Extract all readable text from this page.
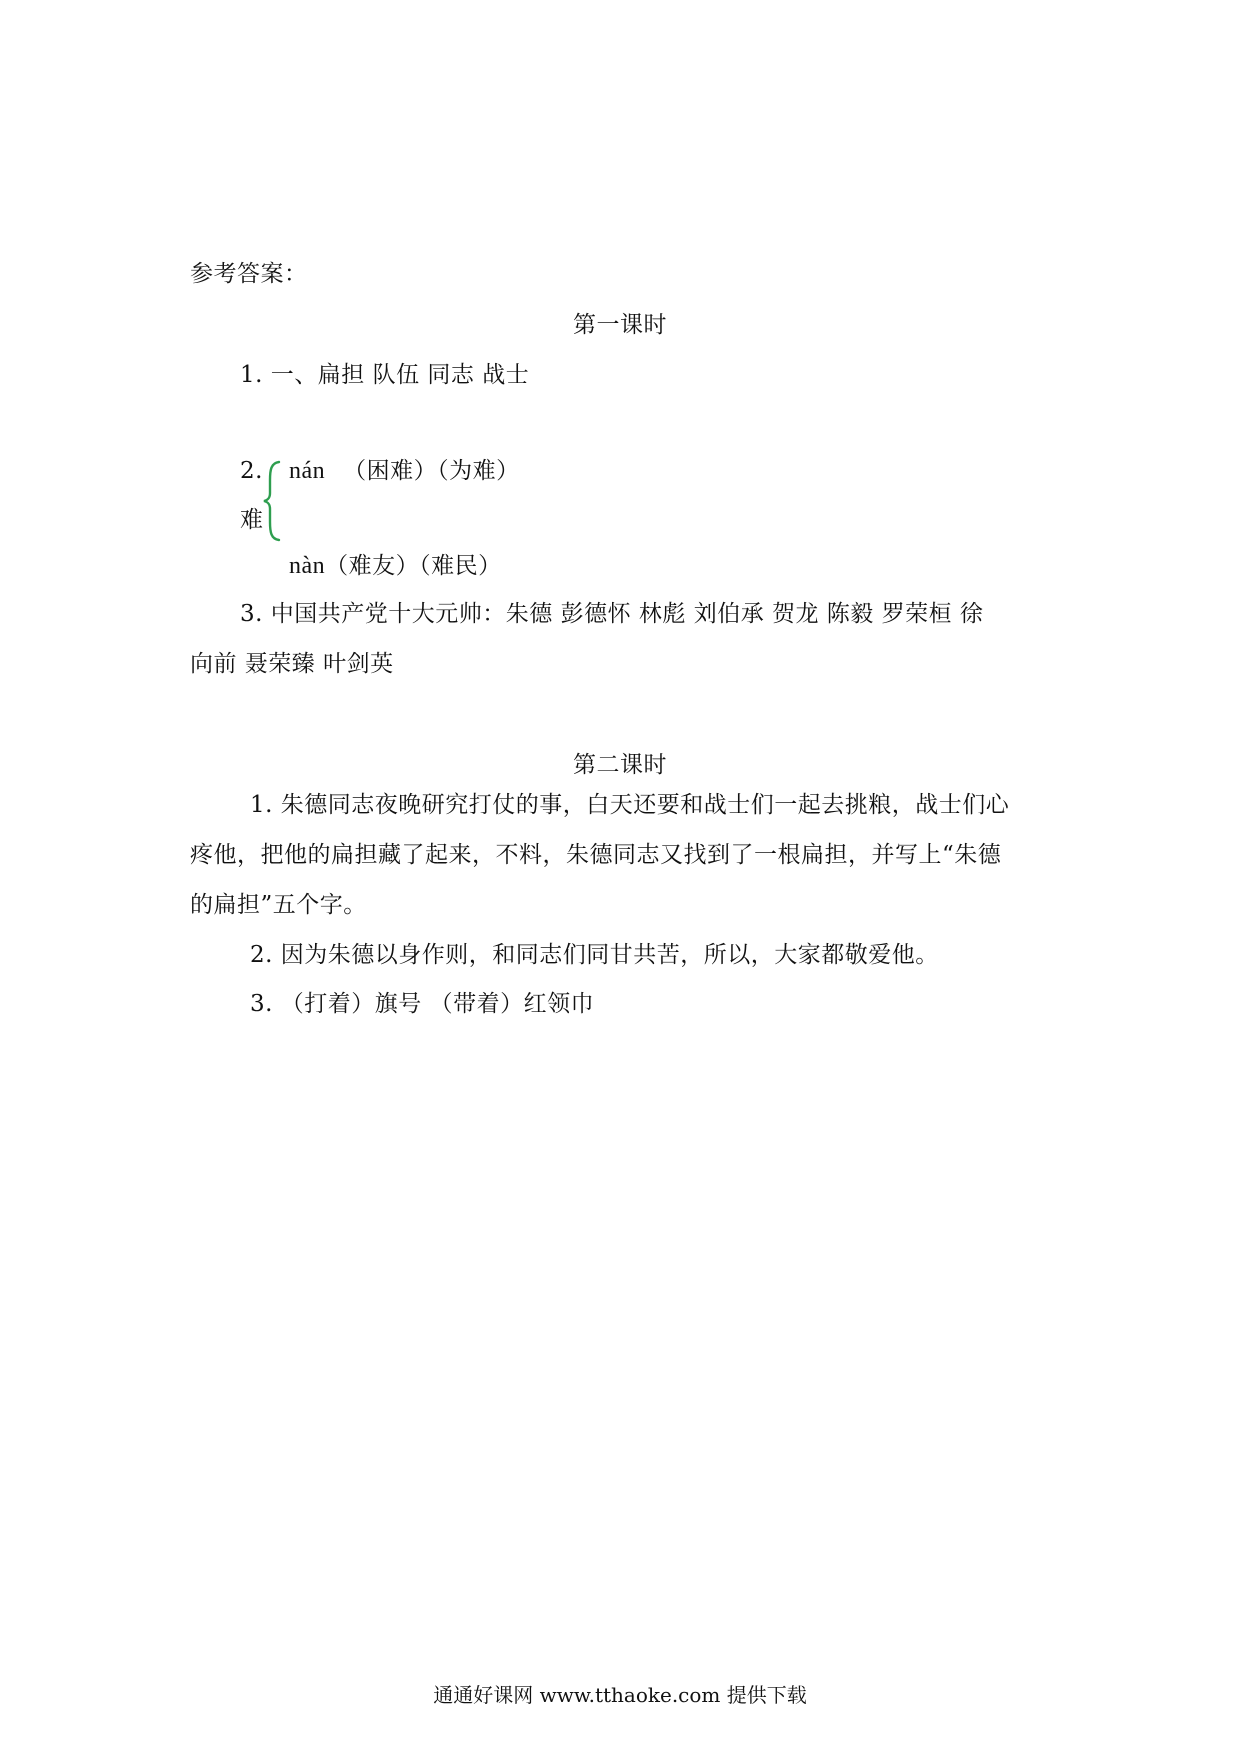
参考答案：
第一课时
1. 一、扁担 队伍 同志 战士
2.
难
nán （困难）（为难）
nàn（难友）（难民）
3. 中国共产党十大元帅：朱德 彭德怀 林彪 刘伯承 贺龙 陈毅 罗荣桓 徐
向前 聂荣臻 叶剑英
第二课时
1. 朱德同志夜晚研究打仗的事，白天还要和战士们一起去挑粮，战士们心
疼他，把他的扁担藏了起来，不料，朱德同志又找到了一根扁担，并写上“朱德
的扁担”五个字。
2. 因为朱德以身作则，和同志们同甘共苦，所以，大家都敬爱他。
3. （打着）旗号 （带着）红领巾
通通好课网 www.tthaoke.com 提供下载
